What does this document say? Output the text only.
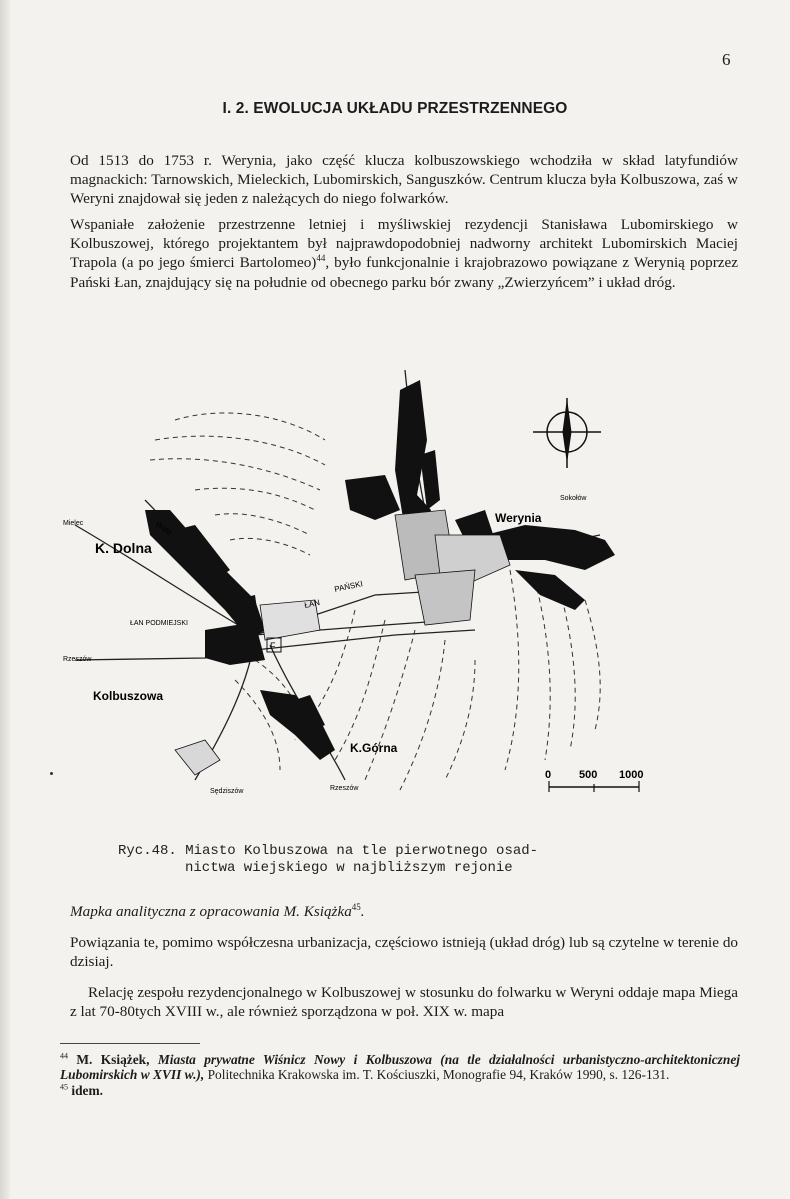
6
I. 2. EWOLUCJA UKŁADU PRZESTRZENNEGO

Od 1513 do 1753 r. Werynia, jako część klucza kolbuszowskiego wchodziła w skład latyfundiów magnackich: Tarnowskich, Mieleckich, Lubomirskich, Sanguszków. Centrum klucza była Kolbuszowa, zaś w Weryni znajdował się jeden z należących do niego folwarków.

Wspaniałe założenie przestrzenne letniej i myśliwskiej rezydencji Stanisława Lubomirskiego w Kolbuszowej, którego projektantem był najprawdopodobniej nadworny architekt Lubomirskich Maciej Trapola (a po jego śmierci Bartolomeo)$^{44}$, było funkcjonalnie i krajobrazowo powiązane z Werynią poprzez Pański Łan, znajdujący się na południe od obecnego parku bór zwany „Zwierzyńcem” i układ dróg.

F
0	500 1000
Mielec
K. Dolna
Wola
ŁAN
PAŃSKI
ŁAN PODMIEJSKI
Rzeszów
Kolbuszowa
K.Górna
Sędziszów	Rzeszów
Sokołów
Werynia
Ryc.48. Miasto Kolbuszowa na tle pierwotnego osad-
nictwa wiejskiego w najbliższym rejonie
Mapka analityczna z opracowania M. Książka$^{45}$.

Powiązania te, pomimo współczesna urbanizacja, częściowo istnieją (układ dróg) lub są czytelne w terenie do dzisiaj.

Relację zespołu rezydencjonalnego w Kolbuszowej w stosunku do folwarku w Weryni oddaje mapa Miega z lat 70-80tych XVIII w., ale również sporządzona w poł. XIX w. mapa

$^{44}$ M. Książek, Miasta prywatne Wiśnicz Nowy i Kolbuszowa (na tle działalności urbanistyczno-architektonicznej Lubomirskich w XVII w.), Politechnika Krakowska im. T. Kościuszki, Monografie 94, Kraków 1990, s. 126-131.

$^{45}$ idem.
